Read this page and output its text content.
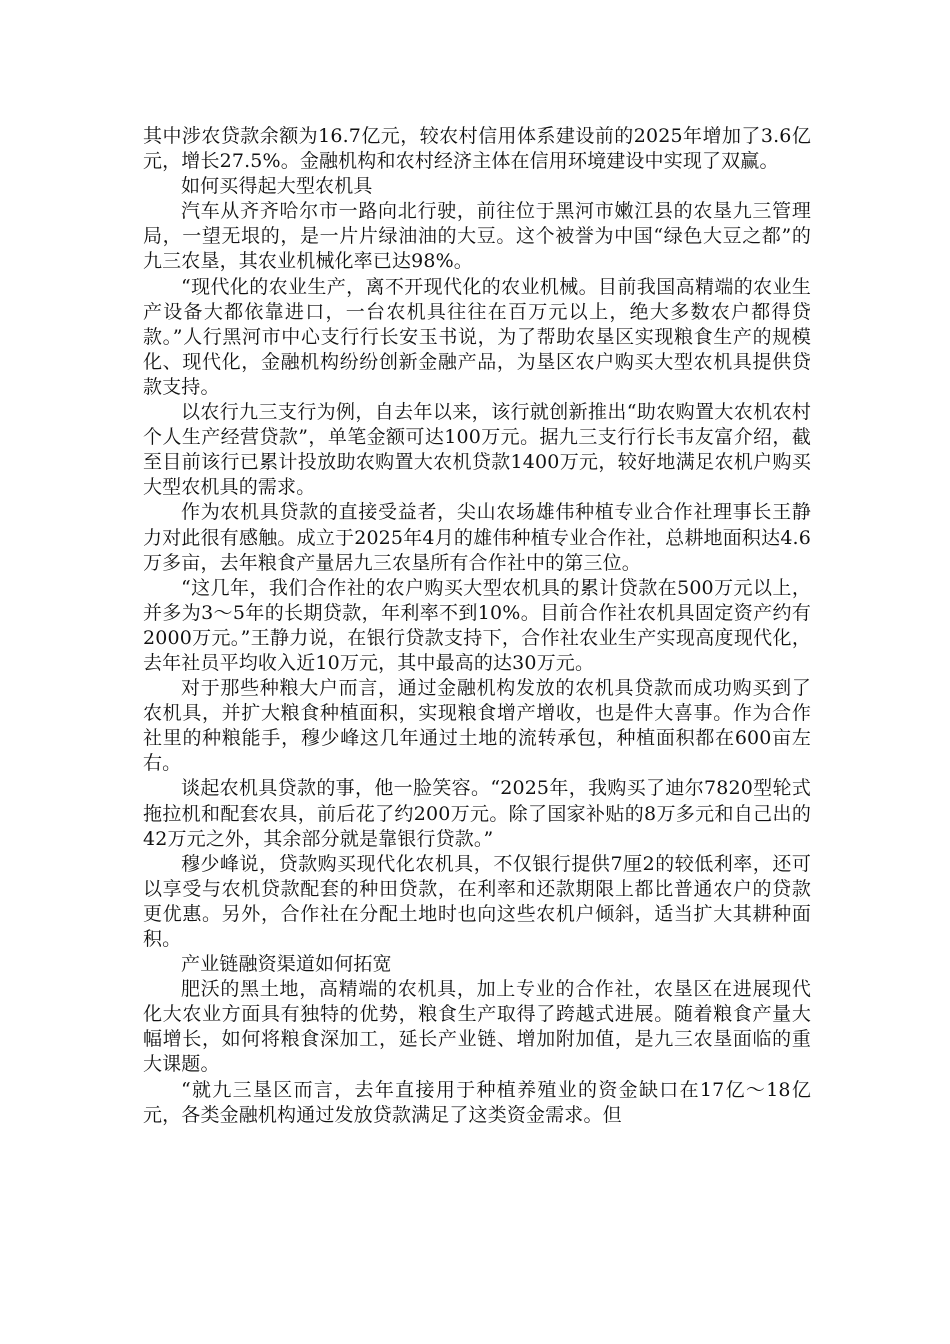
其中涉农贷款余额为16.7亿元，较农村信用体系建设前的2025年增加了3.6亿元，增长27.5%。金融机构和农村经济主体在信用环境建设中实现了双赢。

如何买得起大型农机具

汽车从齐齐哈尔市一路向北行驶，前往位于黑河市嫩江县的农垦九三管理局，一望无垠的，是一片片绿油油的大豆。这个被誉为中国“绿色大豆之都”的九三农垦，其农业机械化率已达98%。

“现代化的农业生产，离不开现代化的农业机械。目前我国高精端的农业生产设备大都依靠进口，一台农机具往往在百万元以上，绝大多数农户都得贷款。”人行黑河市中心支行行长安玉书说，为了帮助农垦区实现粮食生产的规模化、现代化，金融机构纷纷创新金融产品，为垦区农户购买大型农机具提供贷款支持。

以农行九三支行为例，自去年以来，该行就创新推出“助农购置大农机农村个人生产经营贷款”，单笔金额可达100万元。据九三支行行长韦友富介绍，截至目前该行已累计投放助农购置大农机贷款1400万元，较好地满足农机户购买大型农机具的需求。

作为农机具贷款的直接受益者，尖山农场雄伟种植专业合作社理事长王静力对此很有感触。成立于2025年4月的雄伟种植专业合作社，总耕地面积达4.6万多亩，去年粮食产量居九三农垦所有合作社中的第三位。

“这几年，我们合作社的农户购买大型农机具的累计贷款在500万元以上，并多为3～5年的长期贷款，年利率不到10%。目前合作社农机具固定资产约有2000万元。”王静力说，在银行贷款支持下，合作社农业生产实现高度现代化，去年社员平均收入近10万元，其中最高的达30万元。

对于那些种粮大户而言，通过金融机构发放的农机具贷款而成功购买到了农机具，并扩大粮食种植面积，实现粮食增产增收，也是件大喜事。作为合作社里的种粮能手，穆少峰这几年通过土地的流转承包，种植面积都在600亩左右。

谈起农机具贷款的事，他一脸笑容。“2025年，我购买了迪尔7820型轮式拖拉机和配套农具，前后花了约200万元。除了国家补贴的8万多元和自己出的42万元之外，其余部分就是靠银行贷款。”

穆少峰说，贷款购买现代化农机具，不仅银行提供7厘2的较低利率，还可以享受与农机贷款配套的种田贷款，在利率和还款期限上都比普通农户的贷款更优惠。另外，合作社在分配土地时也向这些农机户倾斜，适当扩大其耕种面积。

产业链融资渠道如何拓宽

肥沃的黑土地，高精端的农机具，加上专业的合作社，农垦区在进展现代化大农业方面具有独特的优势，粮食生产取得了跨越式进展。随着粮食产量大幅增长，如何将粮食深加工，延长产业链、增加附加值，是九三农垦面临的重大课题。

“就九三垦区而言，去年直接用于种植养殖业的资金缺口在17亿～18亿元，各类金融机构通过发放贷款满足了这类资金需求。但
